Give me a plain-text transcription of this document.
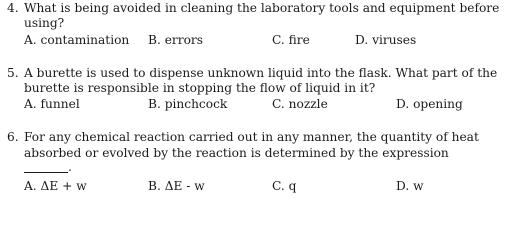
4. What is being avoided in cleaning the laboratory tools and equipment before
using?
A. contamination B. errors	C. fire	D. viruses
5. A burette is used to dispense unknown liquid into the flask. What part of the
burette is responsible in stopping the flow of liquid in it?
A. funnel	B. pinchcock	C. nozzle	D. opening
6. For any chemical reaction carried out in any manner, the quantity of heat
absorbed or evolved by the reaction is determined by the expression
.
A. ΔE + w	B. ΔE - w	C. q	D. w
